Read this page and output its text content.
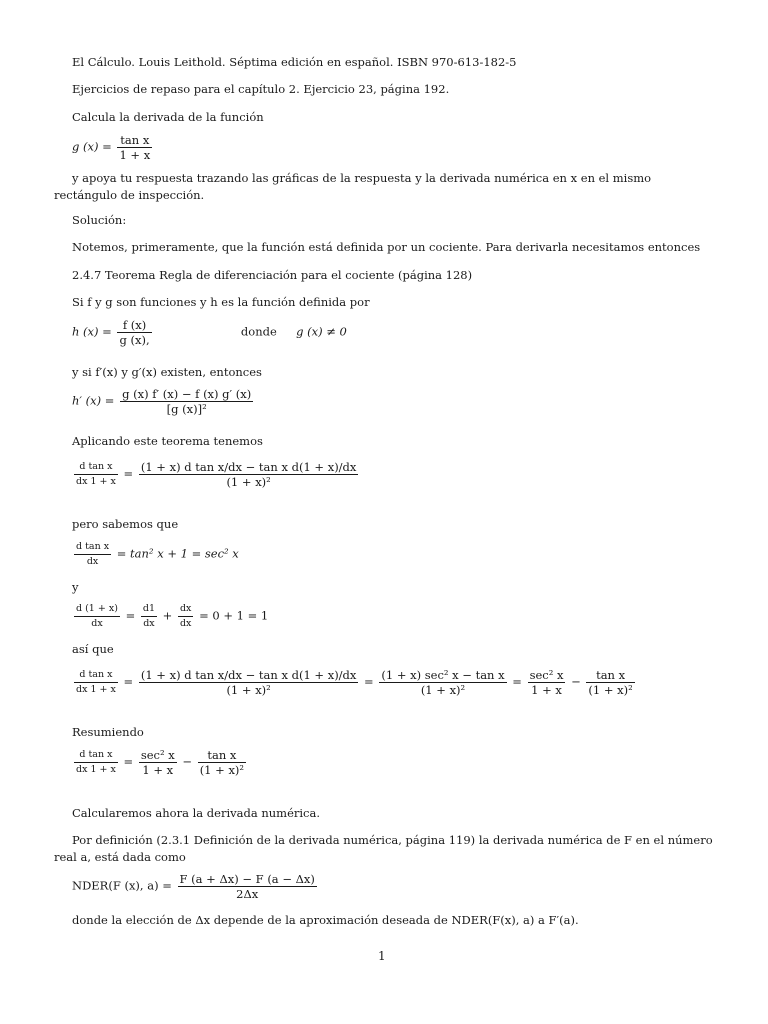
El Cálculo. Louis Leithold. Séptima edición en español. ISBN 970-613-182-5
Ejercicios de repaso para el capítulo 2. Ejercicio 23, página 192.
Calcula la derivada de la función
g $(x) = \frac{\text{tan x}}{1 + x}$
y apoya tu respuesta trazando las gráficas de la respuesta y la derivada numérica en x en el mismo rectángulo de inspección.
Solución:
Notemos, primeramente, que la función está definida por un cociente. Para derivarla necesitamos entonces
2.4.7 Teorema Regla de diferenciación para el cociente (página 128)
Si f y g son funciones y h es la función definida por
h $(x) = \frac{f (x)}{g (x),}$	donde g (x) ≠ 0
y si f′(x) y g′(x) existen, entonces
h′ $(x) = \frac{g (x) f' (x) - f (x) g' (x)}{\text{[g (x)]²}}$
Aplicando este teorema tenemos
$\frac{\text{d tan x}}{dx 1 + x} = \frac{\text{(1 + x) d tan x/dx − tan x d(1 + x)/dx}}{\text{(1 + x)²}}$
pero sabemos que
$\frac{\text{d tan x}}{dx} = \tan^2$ x + 1 = sec² x
y
$\frac{d (1 + x)}{dx} = \frac{d1}{dx} + \frac{dx}{dx} = 0 + 1 = 1$
así que
$\frac{\text{d tan x}}{dx 1 + x} = \frac{\text{(1 + x) d tan x/dx − tan x d(1 + x)/dx}}{\text{(1 + x)²}} = \frac{\text{(1 + x) sec² x − tan x}}{\text{(1 + x)²}} = \frac{\text{sec² x}}{1 + x} - \frac{\text{tan x}}{\text{(1 + x)²}}$
Resumiendo
$\frac{\text{d tan x}}{dx 1 + x} = \frac{\text{sec² x}}{1 + x} - \frac{\text{tan x}}{\text{(1 + x)²}}$
Calcularemos ahora la derivada numérica.
Por definición (2.3.1 Definición de la derivada numérica, página 119) la derivada numérica de F en el número real a, está dada como
NDER(F (x), $a) = \frac{F (a + \Delta x) - F (a - \Delta x)}{2\Delta x}$
donde la elección de Δx depende de la aproximación deseada de NDER(F(x), a) a F′(a).
1
